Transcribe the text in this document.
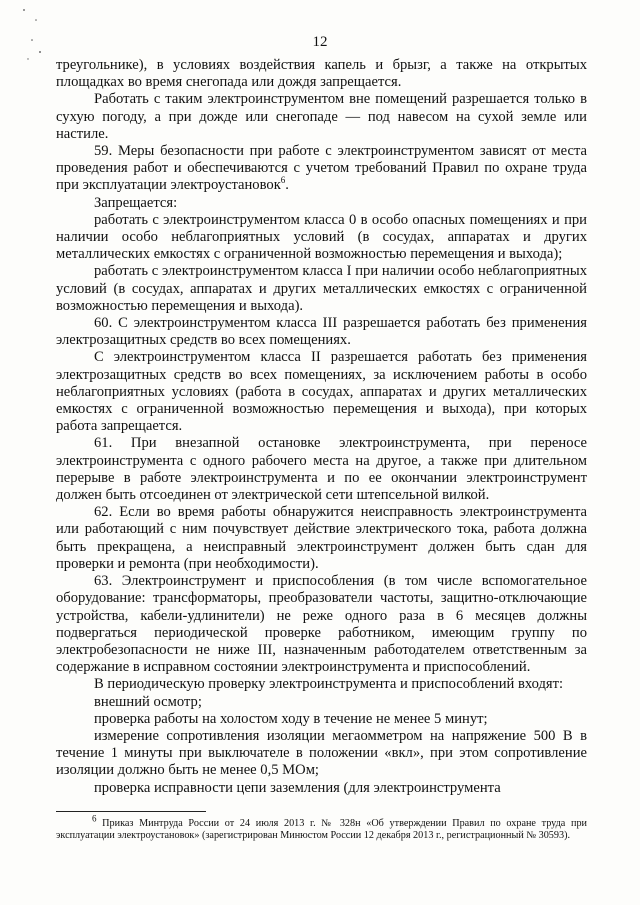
12

треугольнике), в условиях воздействия капель и брызг, а также на открытых площадках во время снегопада или дождя запрещается.

Работать с таким электроинструментом вне помещений разрешается только в сухую погоду, а при дожде или снегопаде — под навесом на сухой земле или настиле.

59. Меры безопасности при работе с электроинструментом зависят от места проведения работ и обеспечиваются с учетом требований Правил по охране труда при эксплуатации электроустановок$^6$.

Запрещается:

работать с электроинструментом класса 0 в особо опасных помещениях и при наличии особо неблагоприятных условий (в сосудах, аппаратах и других металлических емкостях с ограниченной возможностью перемещения и выхода);

работать с электроинструментом класса I при наличии особо неблагоприятных условий (в сосудах, аппаратах и других металлических емкостях с ограниченной возможностью перемещения и выхода).

60. С электроинструментом класса III разрешается работать без применения электрозащитных средств во всех помещениях.

С электроинструментом класса II разрешается работать без применения электрозащитных средств во всех помещениях, за исключением работы в особо неблагоприятных условиях (работа в сосудах, аппаратах и других металлических емкостях с ограниченной возможностью перемещения и выхода), при которых работа запрещается.

61. При внезапной остановке электроинструмента, при переносе электроинструмента с одного рабочего места на другое, а также при длительном перерыве в работе электроинструмента и по ее окончании электроинструмент должен быть отсоединен от электрической сети штепсельной вилкой.

62. Если во время работы обнаружится неисправность электроинструмента или работающий с ним почувствует действие электрического тока, работа должна быть прекращена, а неисправный электроинструмент должен быть сдан для проверки и ремонта (при необходимости).

63. Электроинструмент и приспособления (в том числе вспомогательное оборудование: трансформаторы, преобразователи частоты, защитно-отключающие устройства, кабели-удлинители) не реже одного раза в 6 месяцев должны подвергаться периодической проверке работником, имеющим группу по электробезопасности не ниже III, назначенным работодателем ответственным за содержание в исправном состоянии электроинструмента и приспособлений.

В периодическую проверку электроинструмента и приспособлений входят:

внешний осмотр;

проверка работы на холостом ходу в течение не менее 5 минут;

измерение сопротивления изоляции мегаомметром на напряжение 500 В в течение 1 минуты при выключателе в положении «вкл», при этом сопротивление изоляции должно быть не менее 0,5 МОм;

проверка исправности цепи заземления (для электроинструмента

$^6$ Приказ Минтруда России от 24 июля 2013 г. № 328н «Об утверждении Правил по охране труда при эксплуатации электроустановок» (зарегистрирован Минюстом России 12 декабря 2013 г., регистрационный № 30593).
